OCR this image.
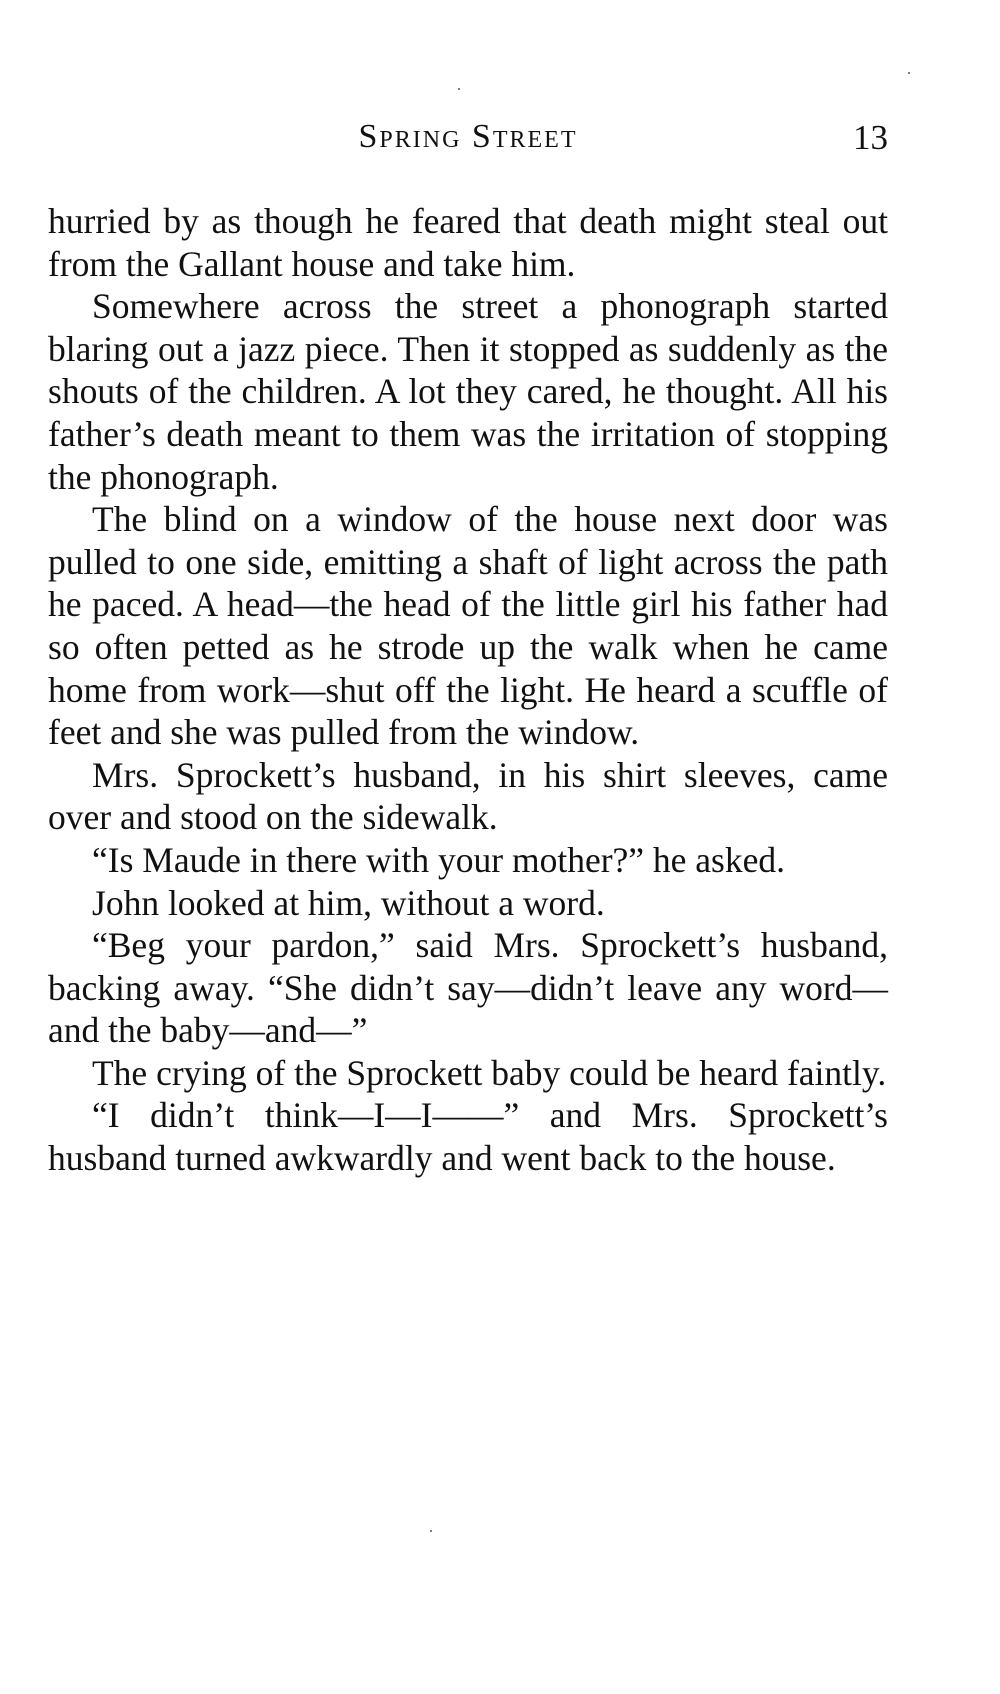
Spring Street	13

hurried by as though he feared that death might steal out from the Gallant house and take him.

Somewhere across the street a phonograph started blaring out a jazz piece. Then it stopped as suddenly as the shouts of the children. A lot they cared, he thought. All his father’s death meant to them was the irritation of stopping the phonograph.

The blind on a window of the house next door was pulled to one side, emitting a shaft of light across the path he paced. A head—the head of the little girl his father had so often petted as he strode up the walk when he came home from work—shut off the light. He heard a scuffle of feet and she was pulled from the window.

Mrs. Sprockett’s husband, in his shirt sleeves, came over and stood on the sidewalk.

“Is Maude in there with your mother?” he asked.

John looked at him, without a word.

“Beg your pardon,” said Mrs. Sprockett’s husband, backing away. “She didn’t say—didn’t leave any word—and the baby—and—”

The crying of the Sprockett baby could be heard faintly.

“I didn’t think—I—I——” and Mrs. Sprockett’s husband turned awkwardly and went back to the house.
